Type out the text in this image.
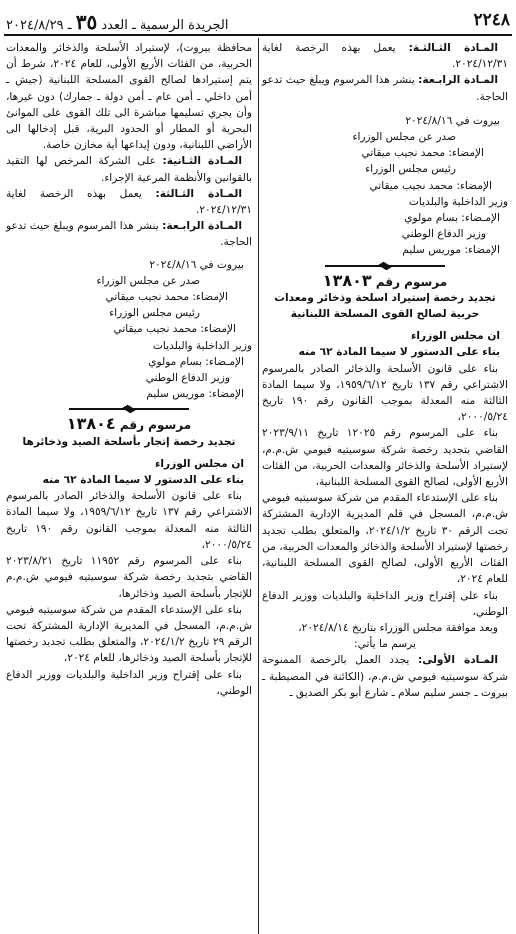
٢٢٤٨
الجريدة الرسمية ـ العدد ٣٥ ـ ٢٠٢٤/٨/٢٩

المـادة الثـالثـة: يعمل بهذه الرخصة لغاية ٢٠٢٤/١٢/٣١.

المـادة الرابـعة: ينشر هذا المرسوم ويبلغ حيث تدعو الحاجة.

بيروت في ٢٠٢٤/٨/١٦

صدر عن مجلس الوزراء

الإمضاء: محمد نجيب ميقاتي

رئيس مجلس الوزراء

الإمضاء: محمد نجيب ميقاتي

وزير الداخلية والبلديات

الإمـضاء: بسام مولوي

وزير الدفاع الوطني

الإمضاء: موريس سليم

مرسوم رقم ١٣٨٠٣

تجديد رخصة إستيراد اسلحة وذخائر ومعدات حربية لصالح القوى المسلحة اللبنانية

ان مجلس الوزراء

بناء على الدستور لا سيما المادة ٦٢ منه

بناء على قانون الأسلحة والذخائر الصادر بالمرسوم الاشتراعي رقم ١٣٧ تاريخ ١٩٥٩/٦/١٢، ولا سيما المادة الثالثة منه المعدلة بموجب القانون رقم ١٩٠ تاريخ ٢٠٠٠/٥/٢٤،

بناء على المرسوم رقم ١٢٠٢٥ تاريخ ٢٠٢٣/٩/١١ القاضي بتجديد رخصة شركة سوسيتيه فيومي ش.م.م، لإستيراد الأسلحة والذخائر والمعدات الحربية، من الفئات الأربع الأولى، لصالح القوى المسلحة اللبنانية،

بناء على الإستدعاء المقدم من شركة سوسيتيه فيومي ش.م.م، المسجل في قلم المديرية الإدارية المشتركة تحت الرقم ٣٠ تاريخ ٢٠٢٤/١/٢، والمتعلق بطلب تجديد رخصتها لإستيراد الأسلحة والذخائر والمعدات الحربية، من الفئات الأربع الأولى، لصالح القوى المسلحة اللبنانية، للعام ٢٠٢٤،

بناء على إقتراح وزير الداخلية والبلديات ووزير الدفاع الوطني،

وبعد موافقة مجلس الوزراء بتاريخ ٢٠٢٤/٨/١٤،

يرسم ما يأتي:

المـادة الأولى: يجدد العمل بالرخصة الممنوحة شركة سوسيتيه فيومي ش.م.م، (الكائنة في المصيطبة ـ بيروت ـ جسر سليم سلام ـ شارع أبو بكر الصديق ـ

محافظة بيروت)، لإستيراد الأسلحة والذخائر والمعدات الحربية، من الفئات الأربع الأولى، للعام ٢٠٢٤، شرط أن يتم إستيرادها لصالح القوى المسلحة اللبنانية (جيش ـ أمن داخلي ـ أمن عام ـ أمن دولة ـ جمارك) دون غيرها، وأن يجري تسليمها مباشرة الى تلك القوى على الموانئ البحرية أو المطار أو الحدود البرية، قبل إدخالها الى الأراضي اللبنانية، ودون إيداعها أية مخازن خاصة.

المـادة الثـانية: على الشركة المرخص لها التقيد بالقوانين والأنظمة المرعية الإجراء.

المـادة الثـالثة: يعمل بهذه الرخصة لغاية ٢٠٢٤/١٢/٣١.

المـادة الرابـعة: ينشر هذا المرسوم ويبلغ حيث تدعو الحاجة.

بيروت في ٢٠٢٤/٨/١٦

صدر عن مجلس الوزراء

الإمضاء: محمد نجيب ميقاتي

رئيس مجلس الوزراء

الإمضاء: محمد نجيب ميقاتي

وزير الداخلية والبلديات

الإمـضاء: بسام مولوي

وزير الدفاع الوطني

الإمضاء: موريس سليم

مرسوم رقم ١٣٨٠٤

تجديد رخصة إتجار بأسلحة الصيد وذخائرها

ان مجلس الوزراء

بناء على الدستور لا سيما المادة ٦٢ منه

بناء على قانون الأسلحة والذخائر الصادر بالمرسوم الاشتراعي رقم ١٣٧ تاريخ ١٩٥٩/٦/١٢، ولا سيما المادة الثالثة منه المعدلة بموجب القانون رقم ١٩٠ تاريخ ٢٠٠٠/٥/٢٤،

بناء على المرسوم رقم ١١٩٥٢ تاريخ ٢٠٢٣/٨/٢١ القاضي بتجديد رخصة شركة سوسيتيه فيومي ش.م.م للإتجار بأسلحة الصيد وذخائرها،

بناء على الإستدعاء المقدم من شركة سوسيتيه فيومي ش.م.م، المسجل في المديرية الإدارية المشتركة تحت الرقم ٢٩ تاريخ ٢٠٢٤/١/٢، والمتعلق بطلب تجديد رخصتها للإتجار بأسلحة الصيد وذخائرها، للعام ٢٠٢٤،

بناء على إقتراح وزير الداخلية والبلديات ووزير الدفاع الوطني،
